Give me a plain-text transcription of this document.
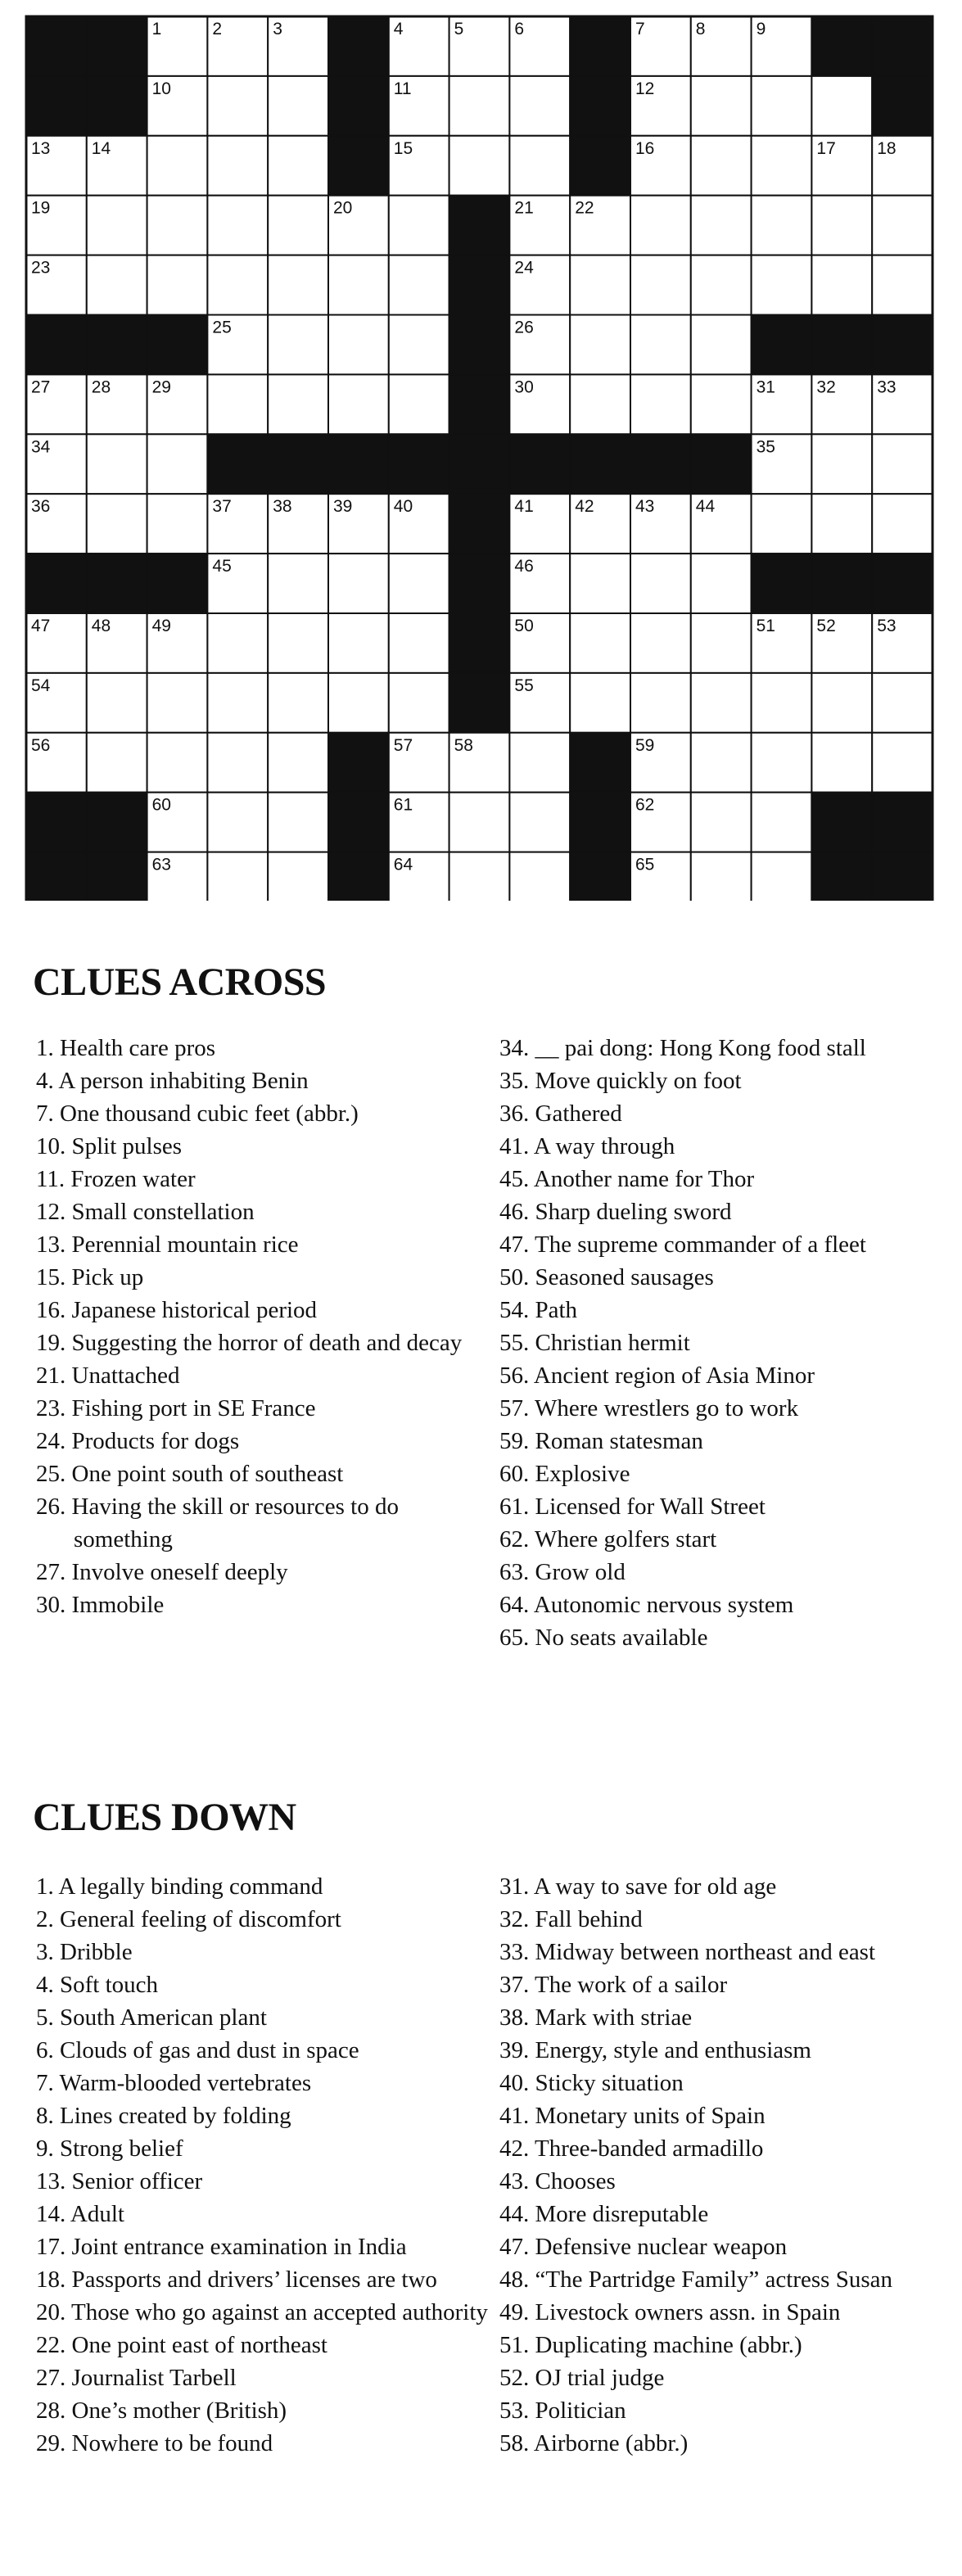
1	2	3	4	5	6	7	8	9
10	11	12
13 14	15	16	17 18
19	20	21 22
23	24
25	26
27 28 29	30	31 32 33
34	35
36	37 38 39 40	41 42 43 44
45	46
47 48 49	50	51 52 53
54	55
56	57 58	59
60	61	62
63	64	65
CLUES ACROSS
1. Health care pros
4. A person inhabiting Benin
7. One thousand cubic feet (abbr.)
10. Split pulses
11. Frozen water
12. Small constellation
13. Perennial mountain rice
15. Pick up
16. Japanese historical period
19. Suggesting the horror of death and decay
21. Unattached
23. Fishing port in SE France
24. Products for dogs
25. One point south of southeast
26. Having the skill or resources to do something
27. Involve oneself deeply
30. Immobile
34. __ pai dong: Hong Kong food stall
35. Move quickly on foot
36. Gathered
41. A way through
45. Another name for Thor
46. Sharp dueling sword
47. The supreme commander of a fleet
50. Seasoned sausages
54. Path
55. Christian hermit
56. Ancient region of Asia Minor
57. Where wrestlers go to work
59. Roman statesman
60. Explosive
61. Licensed for Wall Street
62. Where golfers start
63. Grow old
64. Autonomic nervous system
65. No seats available
CLUES DOWN
1. A legally binding command
2. General feeling of discomfort
3. Dribble
4. Soft touch
5. South American plant
6. Clouds of gas and dust in space
7. Warm-blooded vertebrates
8. Lines created by folding
9. Strong belief
13. Senior officer
14. Adult
17. Joint entrance examination in India
18. Passports and drivers’ licenses are two
20. Those who go against an accepted authority
22. One point east of northeast
27. Journalist Tarbell
28. One’s mother (British)
29. Nowhere to be found
31. A way to save for old age
32. Fall behind
33. Midway between northeast and east
37. The work of a sailor
38. Mark with striae
39. Energy, style and enthusiasm
40. Sticky situation
41. Monetary units of Spain
42. Three-banded armadillo
43. Chooses
44. More disreputable
47. Defensive nuclear weapon
48. “The Partridge Family” actress Susan
49. Livestock owners assn. in Spain
51. Duplicating machine (abbr.)
52. OJ trial judge
53. Politician
58. Airborne (abbr.)
